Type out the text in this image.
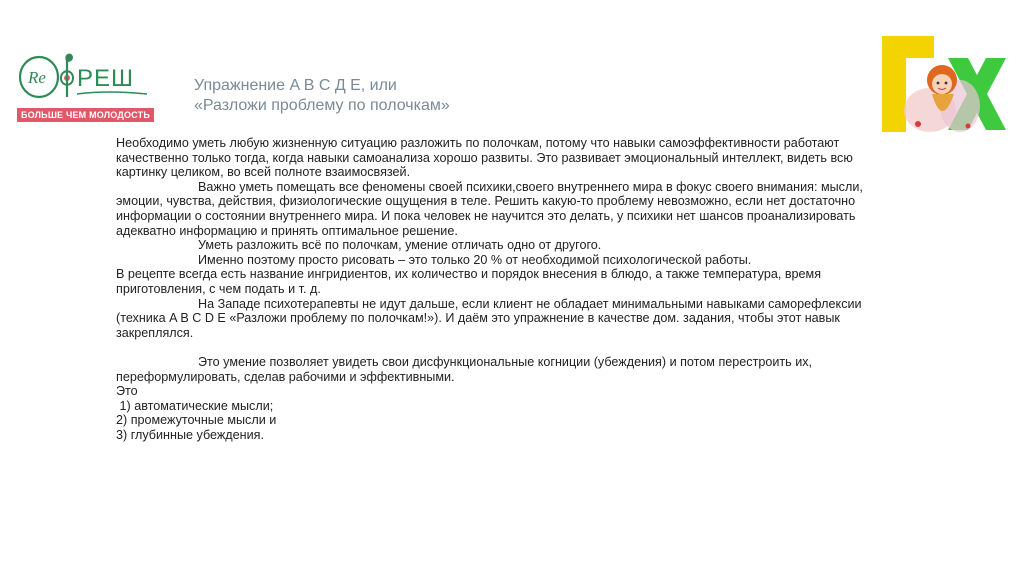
Re РЕШ
БОЛЬШЕ ЧЕМ МОЛОДОСТЬ
Упражнение A B C Д E, или
«Разложи проблему по полочкам»

Необходимо уметь любую жизненную ситуацию разложить по полочкам, потому что навыки самоэффективности работают качественно только тогда, когда навыки самоанализа хорошо развиты. Это развивает эмоциональный интеллект, видеть всю картинку целиком, во всей полноте взаимосвязей.

Важно уметь помещать все феномены своей психики,своего внутреннего мира в фокус своего внимания: мысли, эмоции, чувства, действия, физиологические ощущения в теле. Решить какую-то проблему невозможно, если нет достаточно информации о состоянии внутреннего мира. И пока человек не научится это делать, у психики нет шансов проанализировать адекватно информацию и принять оптимальное решение.

Уметь разложить всё по полочкам, умение отличать одно от другого.

Именно поэтому просто рисовать – это только 20 % от необходимой психологической работы.

В рецепте всегда есть название ингридиентов, их количество и порядок внесения в блюдо, а также температура, время приготовления, с чем подать и т. д.

На Западе психотерапевты не идут дальше, если клиент не обладает минимальными навыками саморефлексии (техника A B C D E «Разложи проблему по полочкам!»). И даём это упражнение в качестве дом. задания, чтобы этот навык закреплялся.

Это умение позволяет увидеть свои дисфункциональные когниции (убеждения) и потом перестроить их, переформулировать, сделав рабочими и эффективными.

Это

1) автоматические мысли;

2) промежуточные мысли и

3) глубинные убеждения.
